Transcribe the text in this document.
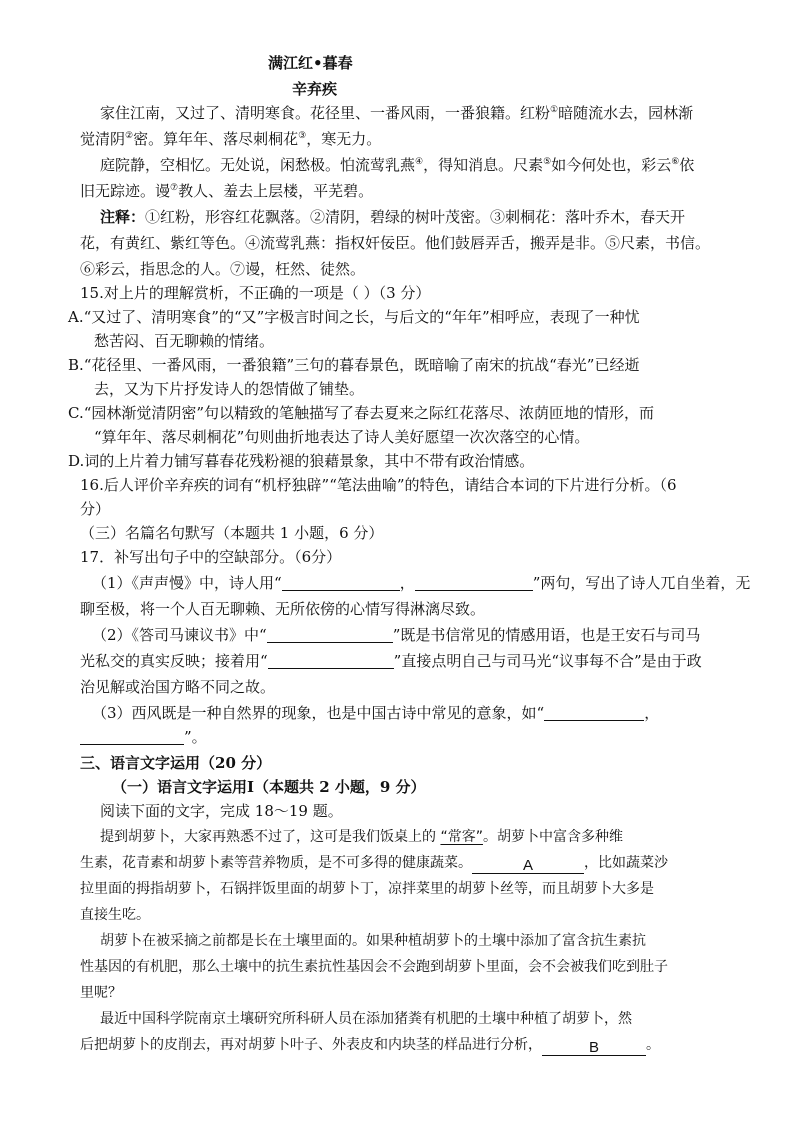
满江红•暮春
辛弃疾
家住江南，又过了、清明寒食。花径里、一番风雨，一番狼籍。红粉①暗随流水去，园林渐
觉清阴②密。算年年、落尽刺桐花③，寒无力。
庭院静，空相忆。无处说，闲愁极。怕流莺乳燕④，得知消息。尺素⑤如今何处也，彩云⑥依
旧无踪迹。谩⑦教人、羞去上层楼，平芜碧。
注释：①红粉，形容红花飘落。②清阴，碧绿的树叶茂密。③刺桐花：落叶乔木，春天开
花，有黄红、紫红等色。④流莺乳燕：指权奸佞臣。他们鼓唇弄舌，搬弄是非。⑤尺素，书信。
⑥彩云，指思念的人。⑦谩，枉然、徒然。
15.对上片的理解赏析，不正确的一项是（ ）（3 分）
A.“又过了、清明寒食”的“又”字极言时间之长，与后文的“年年”相呼应，表现了一种忧
愁苦闷、百无聊赖的情绪。
B.“花径里、一番风雨，一番狼籍”三句的暮春景色，既暗喻了南宋的抗战“春光”已经逝
去，又为下片抒发诗人的怨情做了铺垫。
C.“园林渐觉清阴密”句以精致的笔触描写了春去夏来之际红花落尽、浓荫匝地的情形，而
“算年年、落尽刺桐花”句则曲折地表达了诗人美好愿望一次次落空的心情。
D.词的上片着力铺写暮春花残粉褪的狼藉景象，其中不带有政治情感。
16.后人评价辛弃疾的词有“机杼独辟”“笔法曲喻”的特色，请结合本词的下片进行分析。（6
分）
（三）名篇名句默写（本题共 1 小题，6 分）
17．补写出句子中的空缺部分。（6分）
（1）《声声慢》中，诗人用“	，	”两句，写出了诗人兀自坐着，无
聊至极，将一个人百无聊赖、无所依傍的心情写得淋漓尽致。
（2）《答司马谏议书》中“	”既是书信常见的情感用语，也是王安石与司马
光私交的真实反映；接着用“	”直接点明自己与司马光“议事每不合”是由于政
治见解或治国方略不同之故。
（3）西风既是一种自然界的现象，也是中国古诗中常见的意象，如“	，
”。
三、语言文字运用（20 分）
（一）语言文字运用Ⅰ（本题共 2 小题，9 分）
阅读下面的文字，完成 18～19 题。
提到胡萝卜，大家再熟悉不过了，这可是我们饭桌上的 “常客”。胡萝卜中富含多种维
生素，花青素和胡萝卜素等营养物质，是不可多得的健康蔬菜。	A	，比如蔬菜沙
拉里面的拇指胡萝卜，石锅拌饭里面的胡萝卜丁，凉拌菜里的胡萝卜丝等，而且胡萝卜大多是
直接生吃。
胡萝卜在被采摘之前都是长在土壤里面的。如果种植胡萝卜的土壤中添加了富含抗生素抗
性基因的有机肥，那么土壤中的抗生素抗性基因会不会跑到胡萝卜里面，会不会被我们吃到肚子
里呢？
最近中国科学院南京土壤研究所科研人员在添加猪粪有机肥的土壤中种植了胡萝卜，然
后把胡萝卜的皮削去，再对胡萝卜叶子、外表皮和内块茎的样品进行分析，	B	。
